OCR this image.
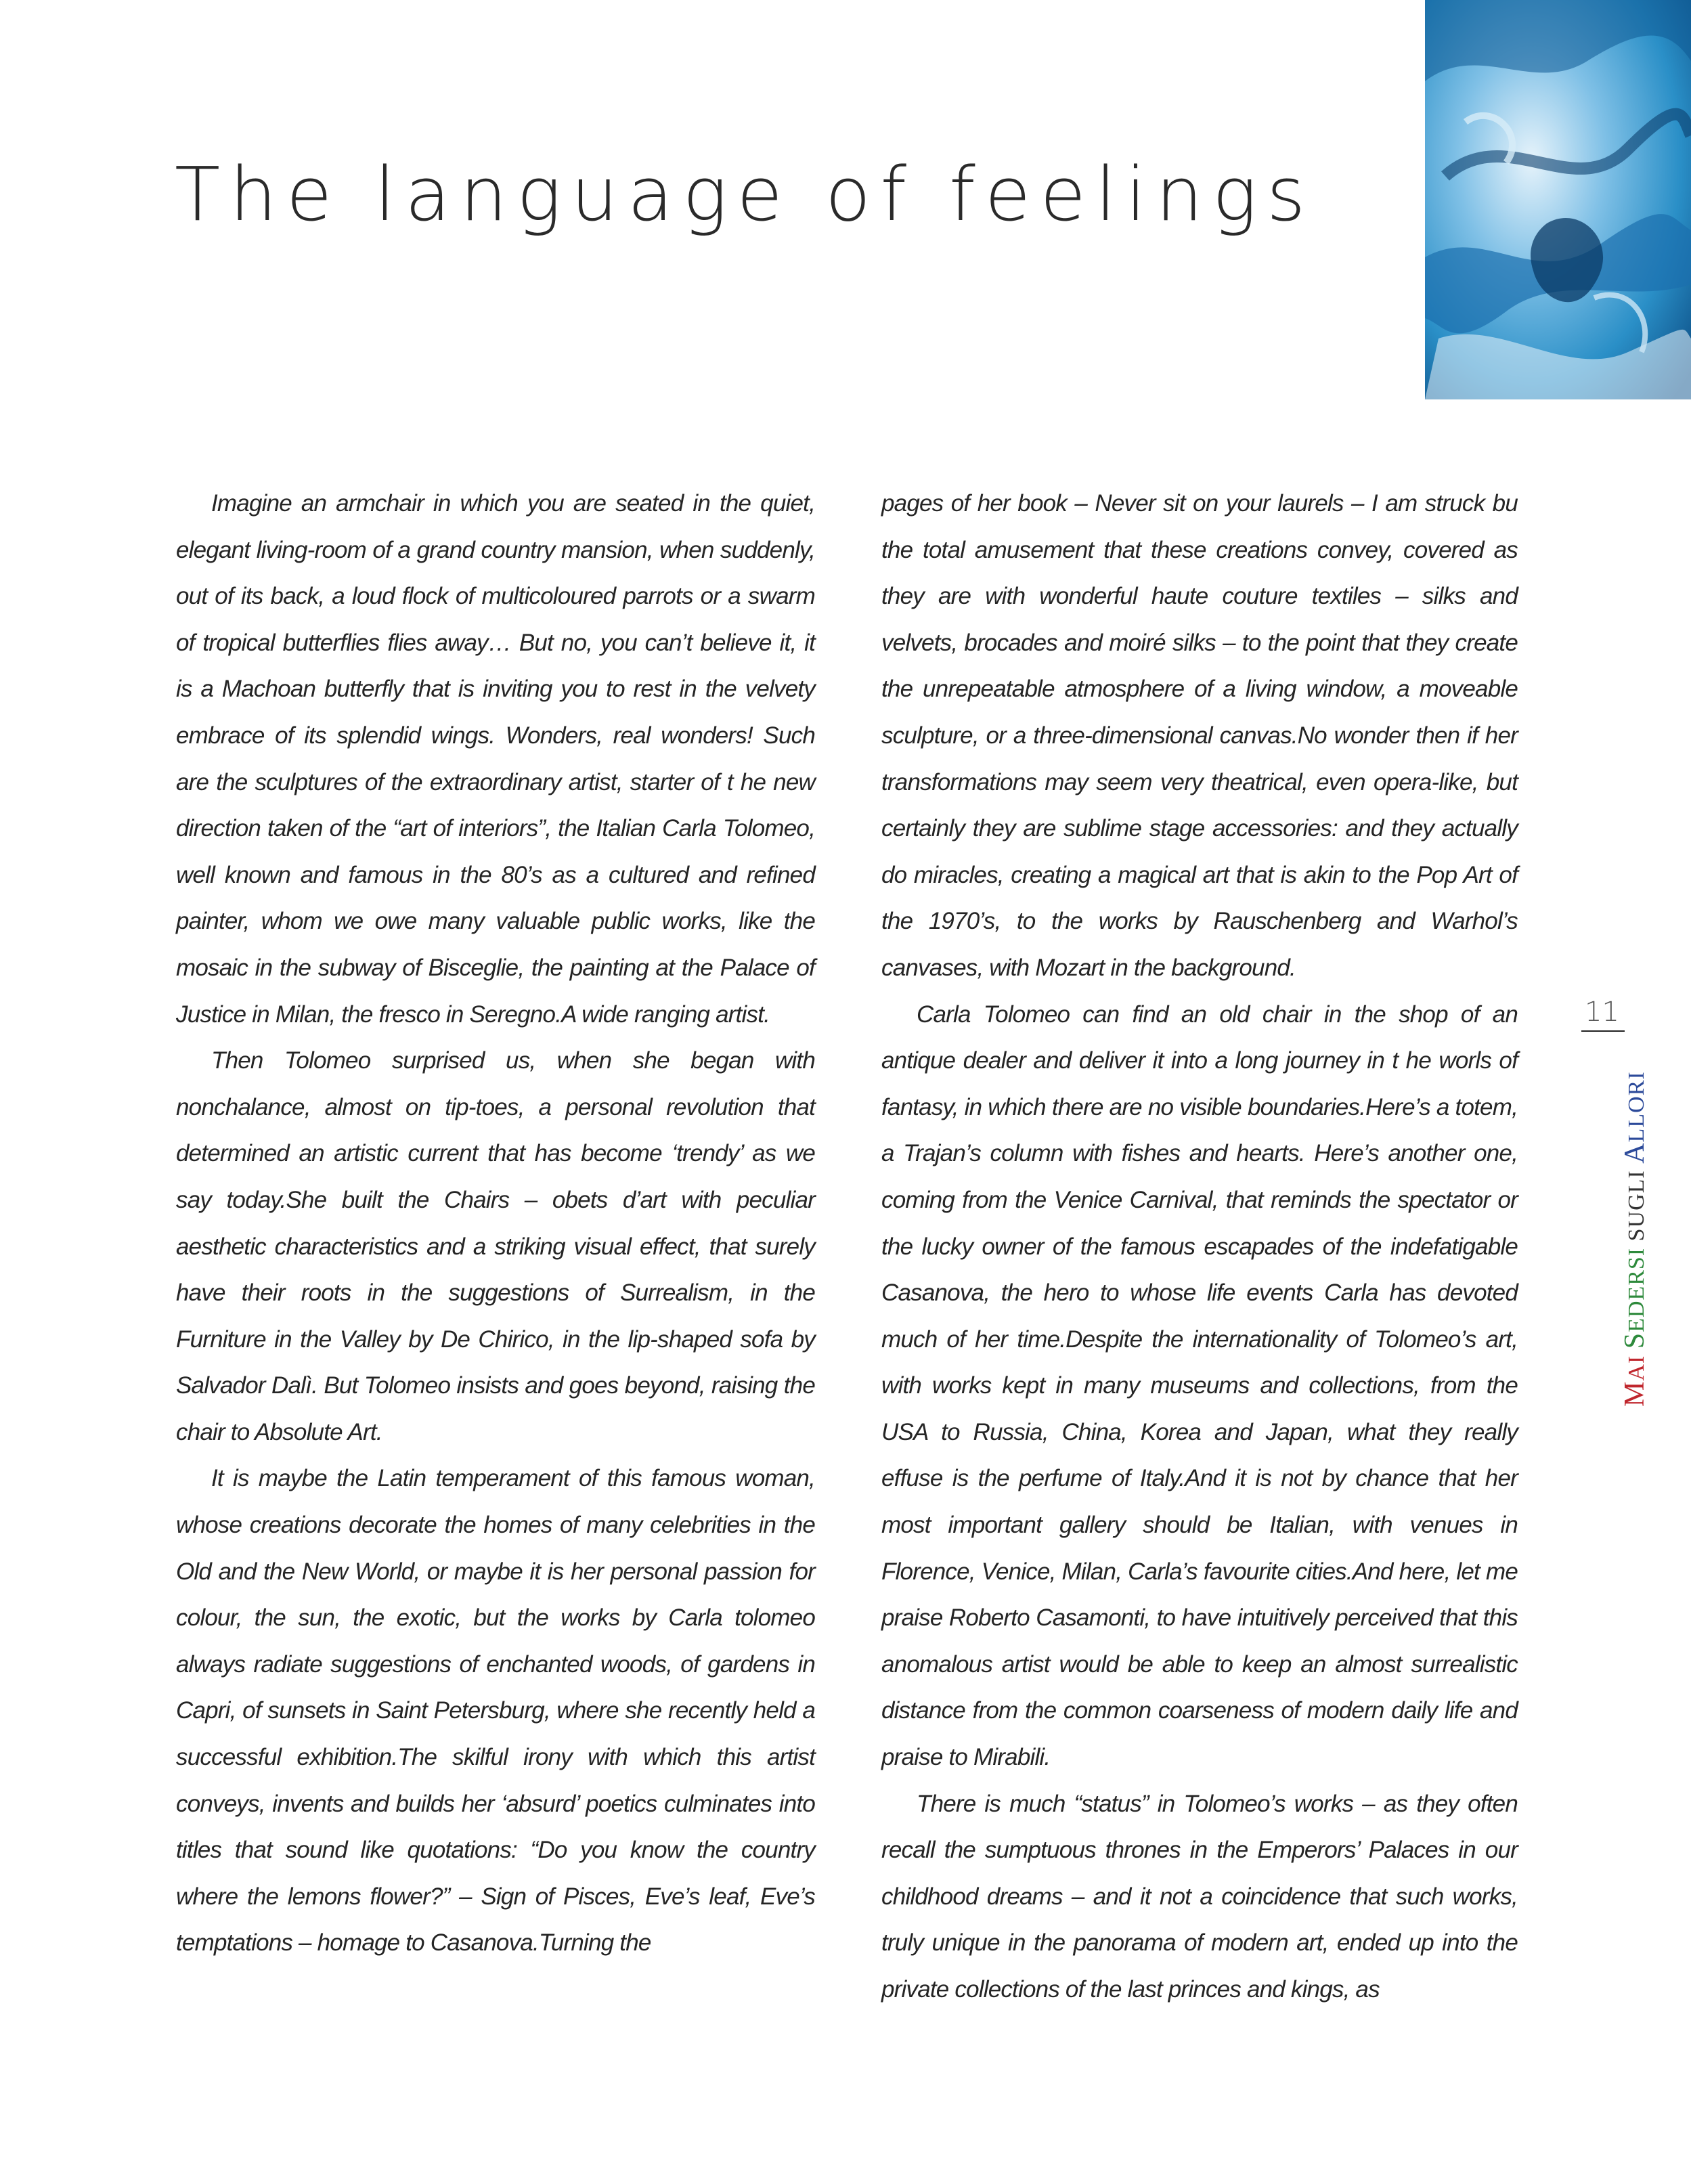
The language of feelings

Imagine an armchair in which you are seated in the quiet, elegant living-room of a grand country mansion, when suddenly, out of its back, a loud flock of multicoloured parrots or a swarm of tropical butterflies flies away… But no, you can’t believe it, it is a Machoan butterfly that is inviting you to rest in the velvety embrace of its splendid wings. Wonders, real wonders! Such are the sculptures of the extraordinary artist, starter of t he new direction taken of the “art of interiors”, the Italian Carla Tolomeo, well known and famous in the 80’s as a cultured and refined painter, whom we owe many valuable public works, like the mosaic in the subway of Bisceglie, the painting at the Palace of Justice in Milan, the fresco in Seregno.A wide ranging artist.

Then Tolomeo surprised us, when she began with nonchalance, almost on tip-toes, a personal revolution that determined an artistic current that has become ‘trendy’ as we say today.She built the Chairs – obets d’art with peculiar aesthetic characteristics and a striking visual effect, that surely have their roots in the suggestions of Surrealism, in the Furniture in the Valley by De Chirico, in the lip-shaped sofa by Salvador Dalì. But Tolomeo insists and goes beyond, raising the chair to Absolute Art.

It is maybe the Latin temperament of this famous woman, whose creations decorate the homes of many celebrities in the Old and the New World, or maybe it is her personal passion for colour, the sun, the exotic, but the works by Carla tolomeo always radiate suggestions of enchanted woods, of gardens in Capri, of sunsets in Saint Petersburg, where she recently held a successful exhibition.The skilful irony with which this artist conveys, invents and builds her ‘absurd’ poetics culminates into titles that sound like quotations: “Do you know the country where the lemons flower?” – Sign of Pisces, Eve’s leaf, Eve’s temptations – homage to Casanova.Turning the

pages of her book – Never sit on your laurels – I am struck bu the total amusement that these creations convey, covered as they are with wonderful haute couture textiles – silks and velvets, brocades and moiré silks – to the point that they create the unrepeatable atmosphere of a living window, a moveable sculpture, or a three-dimensional canvas.No wonder then if her transformations may seem very theatrical, even opera-like, but certainly they are sublime stage accessories: and they actually do miracles, creating a magical art that is akin to the Pop Art of the 1970’s, to the works by Rauschenberg and Warhol’s canvases, with Mozart in the background.

Carla Tolomeo can find an old chair in the shop of an antique dealer and deliver it into a long journey in t he worls of fantasy, in which there are no visible boundaries.Here’s a totem, a Trajan’s column with fishes and hearts. Here’s another one, coming from the Venice Carnival, that reminds the spectator or the lucky owner of the famous escapades of the indefatigable Casanova, the hero to whose life events Carla has devoted much of her time.Despite the internationality of Tolomeo’s art, with works kept in many museums and collections, from the USA to Russia, China, Korea and Japan, what they really effuse is the perfume of Italy.And it is not by chance that her most important gallery should be Italian, with venues in Florence, Venice, Milan, Carla’s favourite cities.And here, let me praise Roberto Casamonti, to have intuitively perceived that this anomalous artist would be able to keep an almost surrealistic distance from the common coarseness of modern daily life and praise to Mirabili.

There is much “status” in Tolomeo’s works – as they often recall the sumptuous thrones in the Emperors’ Palaces in our childhood dreams – and it not a coincidence that such works, truly unique in the panorama of modern art, ended up into the private collections of the last princes and kings, as

11
MAI SEDERSI SUGLI ALLORI
